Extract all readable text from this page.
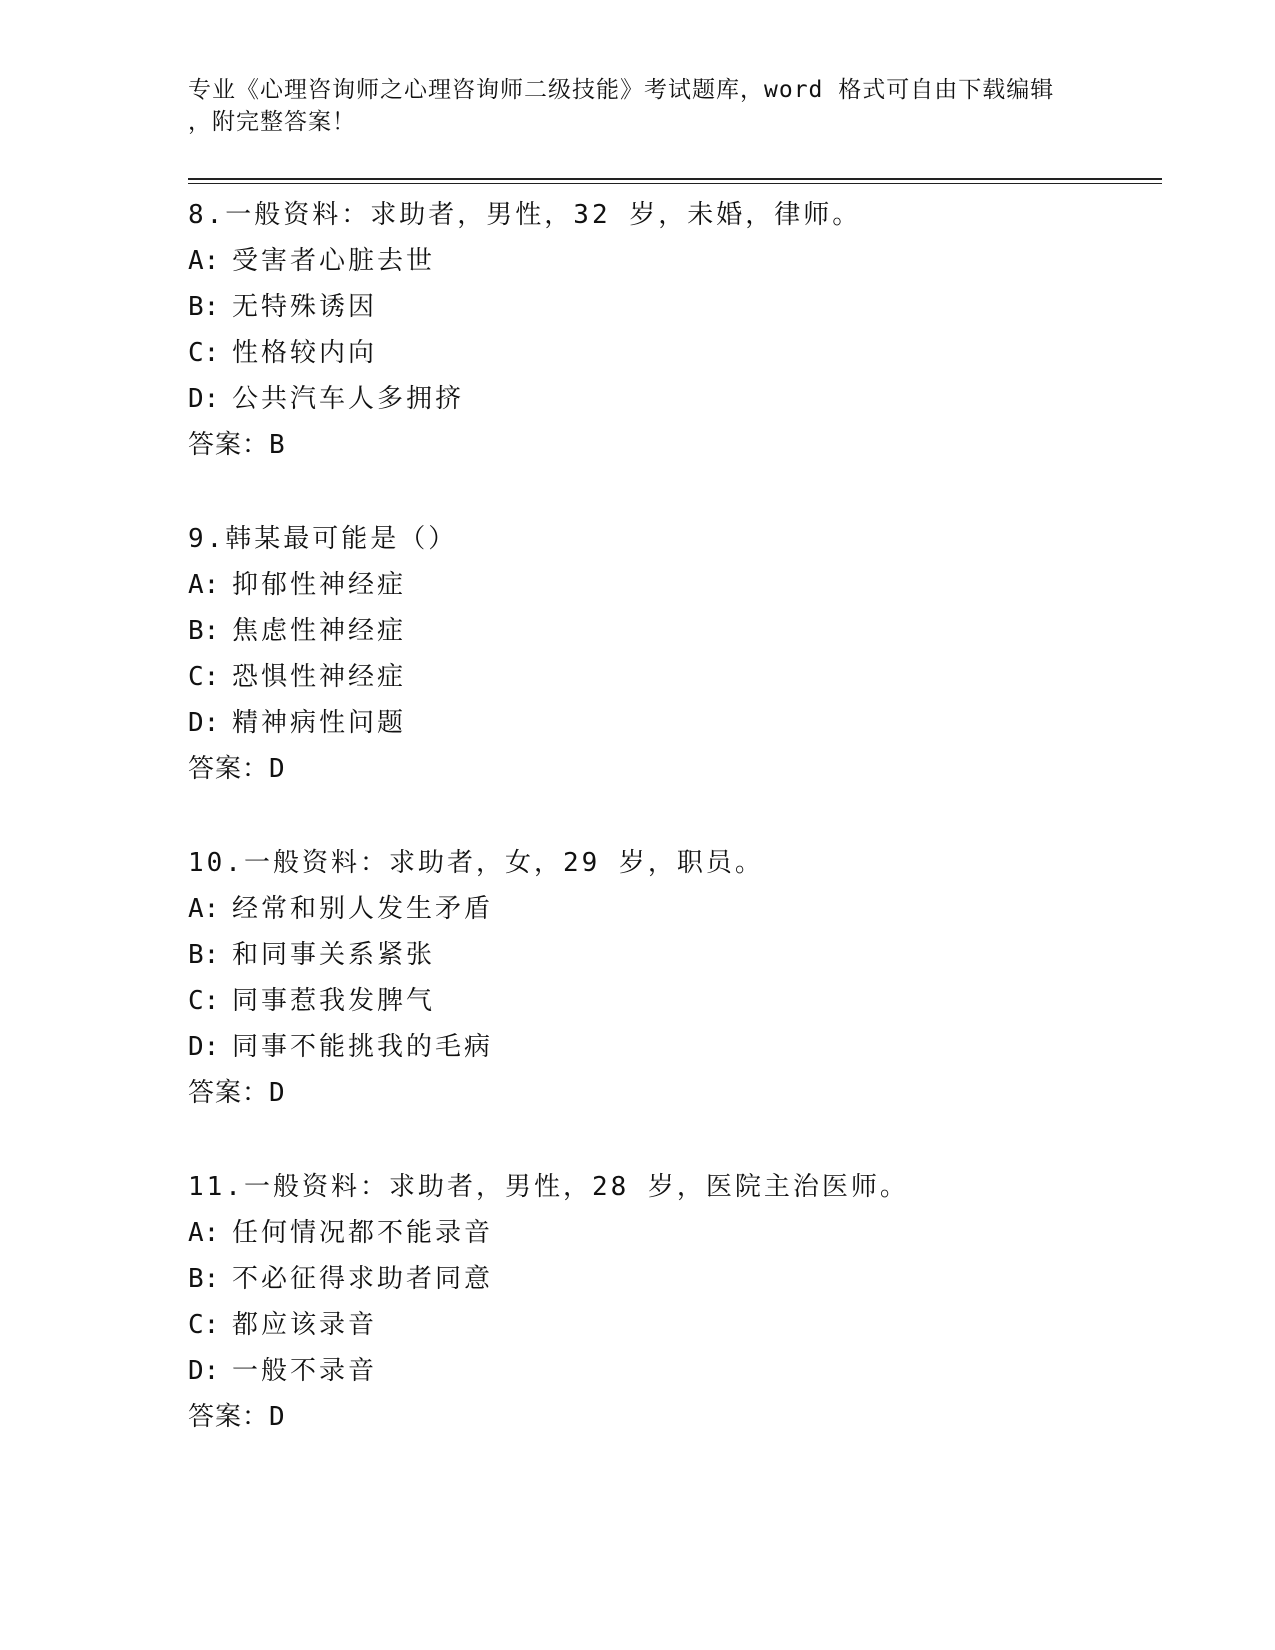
专业《心理咨询师之心理咨询师二级技能》考试题库，word 格式可自由下载编辑
，附完整答案！
8.一般资料：求助者，男性，32 岁，未婚，律师。
A: 受害者心脏去世
B: 无特殊诱因
C: 性格较内向
D: 公共汽车人多拥挤
答案：B
9.韩某最可能是（）
A: 抑郁性神经症
B: 焦虑性神经症
C: 恐惧性神经症
D: 精神病性问题
答案：D
10.一般资料：求助者，女，29 岁，职员。
A: 经常和别人发生矛盾
B: 和同事关系紧张
C: 同事惹我发脾气
D: 同事不能挑我的毛病
答案：D
11.一般资料：求助者，男性，28 岁，医院主治医师。
A: 任何情况都不能录音
B: 不必征得求助者同意
C: 都应该录音
D: 一般不录音
答案：D
